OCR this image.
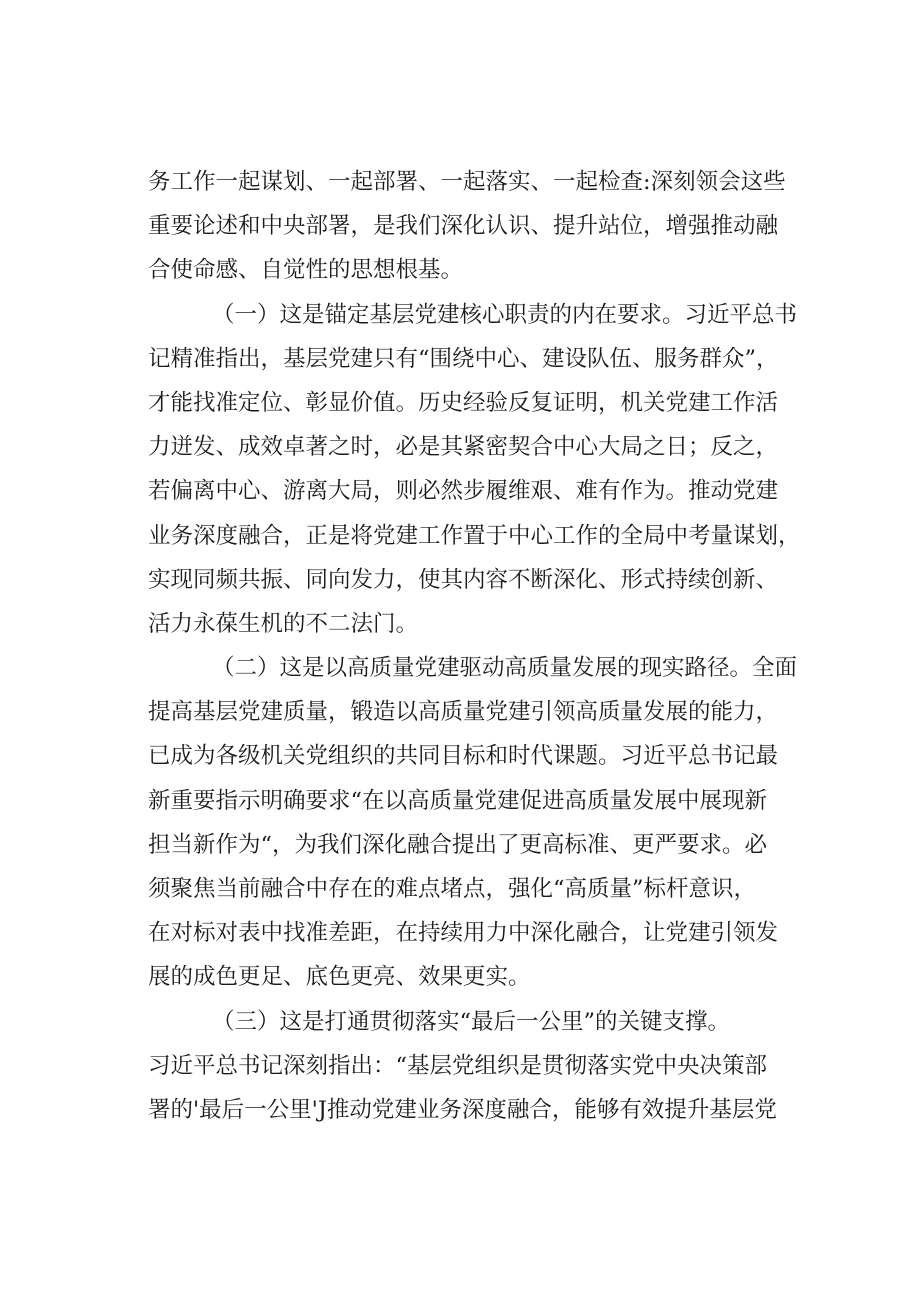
务工作一起谋划、一起部署、一起落实、一起检查:深刻领会这些
重要论述和中央部署，是我们深化认识、提升站位，增强推动融
合使命感、自觉性的思想根基。
（一）这是锚定基层党建核心职责的内在要求。习近平总书
记精准指出，基层党建只有“围绕中心、建设队伍、服务群众”，
才能找准定位、彰显价值。历史经验反复证明，机关党建工作活
力迸发、成效卓著之时，必是其紧密契合中心大局之日；反之，
若偏离中心、游离大局，则必然步履维艰、难有作为。推动党建
业务深度融合，正是将党建工作置于中心工作的全局中考量谋划，
实现同频共振、同向发力，使其内容不断深化、形式持续创新、
活力永葆生机的不二法门。
（二）这是以高质量党建驱动高质量发展的现实路径。全面
提高基层党建质量，锻造以高质量党建引领高质量发展的能力，
已成为各级机关党组织的共同目标和时代课题。习近平总书记最
新重要指示明确要求“在以高质量党建促进高质量发展中展现新
担当新作为“，为我们深化融合提出了更高标准、更严要求。必
须聚焦当前融合中存在的难点堵点，强化“高质量”标杆意识，
在对标对表中找准差距，在持续用力中深化融合，让党建引领发
展的成色更足、底色更亮、效果更实。
（三）这是打通贯彻落实“最后一公里”的关键支撑。
习近平总书记深刻指出：“基层党组织是贯彻落实党中央决策部
署的'最后一公里'J推动党建业务深度融合，能够有效提升基层党
